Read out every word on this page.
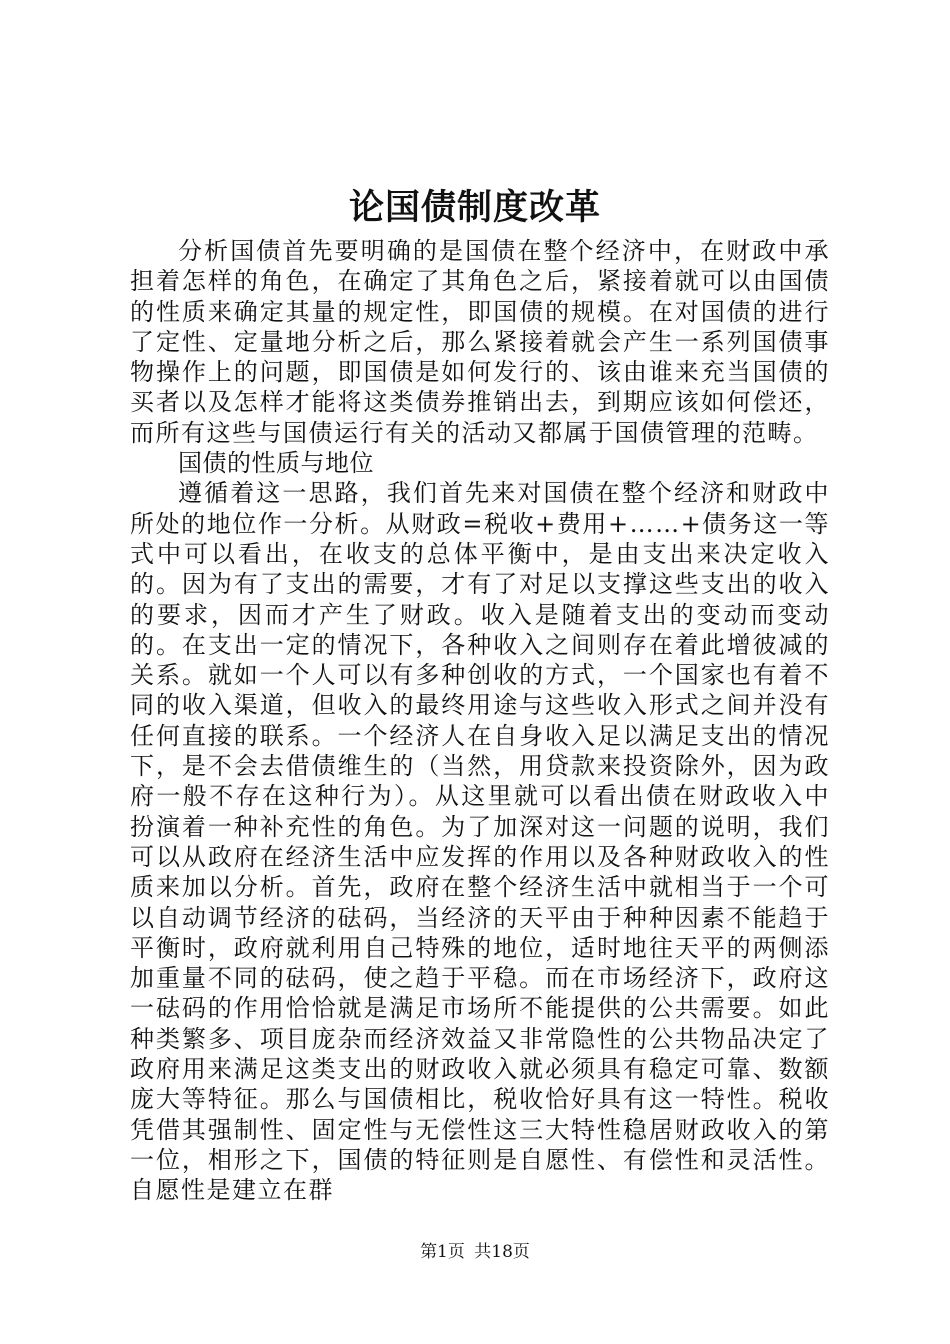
论国债制度改革

分析国债首先要明确的是国债在整个经济中，在财政中承担着怎样的角色，在确定了其角色之后，紧接着就可以由国债的性质来确定其量的规定性，即国债的规模。在对国债的进行了定性、定量地分析之后，那么紧接着就会产生一系列国债事物操作上的问题，即国债是如何发行的、该由谁来充当国债的买者以及怎样才能将这类债券推销出去，到期应该如何偿还，而所有这些与国债运行有关的活动又都属于国债管理的范畴。

国债的性质与地位

遵循着这一思路，我们首先来对国债在整个经济和财政中所处的地位作一分析。从财政=税收+费用+……+债务这一等式中可以看出，在收支的总体平衡中，是由支出来决定收入的。因为有了支出的需要，才有了对足以支撑这些支出的收入的要求，因而才产生了财政。收入是随着支出的变动而变动的。在支出一定的情况下，各种收入之间则存在着此增彼减的关系。就如一个人可以有多种创收的方式，一个国家也有着不同的收入渠道，但收入的最终用途与这些收入形式之间并没有任何直接的联系。一个经济人在自身收入足以满足支出的情况下，是不会去借债维生的（当然，用贷款来投资除外，因为政府一般不存在这种行为）。从这里就可以看出债在财政收入中扮演着一种补充性的角色。为了加深对这一问题的说明，我们可以从政府在经济生活中应发挥的作用以及各种财政收入的性质来加以分析。首先，政府在整个经济生活中就相当于一个可以自动调节经济的砝码，当经济的天平由于种种因素不能趋于平衡时，政府就利用自己特殊的地位，适时地往天平的两侧添加重量不同的砝码，使之趋于平稳。而在市场经济下，政府这一砝码的作用恰恰就是满足市场所不能提供的公共需要。如此种类繁多、项目庞杂而经济效益又非常隐性的公共物品决定了政府用来满足这类支出的财政收入就必须具有稳定可靠、数额庞大等特征。那么与国债相比，税收恰好具有这一特性。税收凭借其强制性、固定性与无偿性这三大特性稳居财政收入的第一位，相形之下，国债的特征则是自愿性、有偿性和灵活性。自愿性是建立在群

第1页 共18页
